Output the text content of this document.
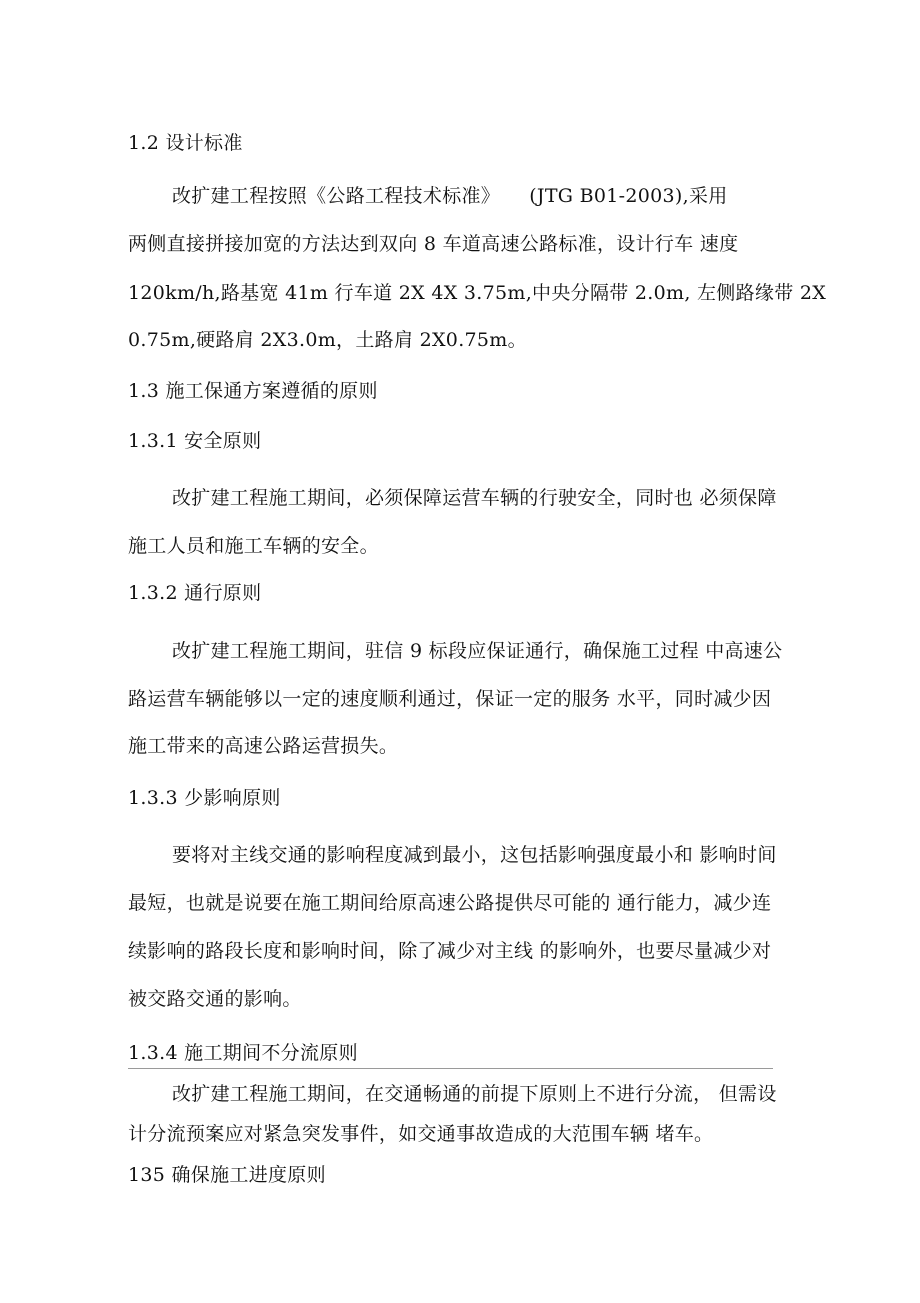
1.2 设计标准
改扩建工程按照《公路工程技术标准》　　(JTG B01-2003),采用
两侧直接拼接加宽的方法达到双向 8 车道高速公路标准，设计行车 速度
120km/h,路基宽 41m 行车道 2X 4X 3.75m,中央分隔带 2.0m, 左侧路缘带 2X
0.75m,硬路肩 2X3.0m，土路肩 2X0.75m。
1.3 施工保通方案遵循的原则
1.3.1 安全原则
改扩建工程施工期间，必须保障运营车辆的行驶安全，同时也 必须保障
施工人员和施工车辆的安全。
1.3.2 通行原则
改扩建工程施工期间，驻信 9 标段应保证通行，确保施工过程 中高速公
路运营车辆能够以一定的速度顺利通过，保证一定的服务 水平，同时减少因
施工带来的高速公路运营损失。
1.3.3 少影响原则
要将对主线交通的影响程度减到最小，这包括影响强度最小和 影响时间
最短，也就是说要在施工期间给原高速公路提供尽可能的 通行能力，减少连
续影响的路段长度和影响时间，除了减少对主线 的影响外，也要尽量减少对
被交路交通的影响。
1.3.4 施工期间不分流原则
改扩建工程施工期间，在交通畅通的前提下原则上不进行分流， 但需设
计分流预案应对紧急突发事件，如交通事故造成的大范围车辆 堵车。
135 确保施工进度原则
